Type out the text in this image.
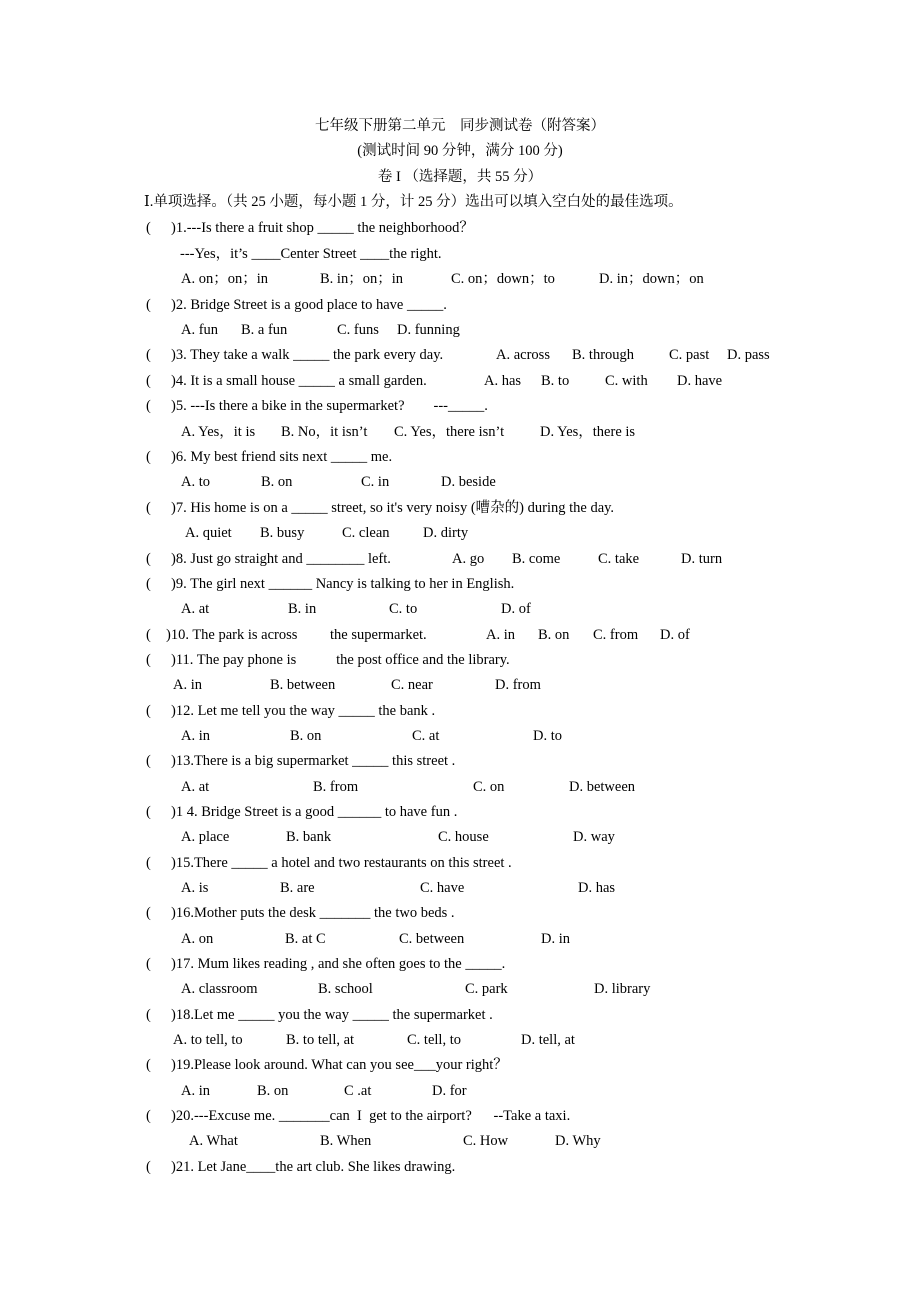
七年级下册第二单元　同步测试卷（附答案）
(测试时间 90 分钟，满分 100 分)
卷 I （选择题，共 55 分）
Ⅰ.单项选择。（共 25 小题，每小题 1 分，计 25 分）选出可以填入空白处的最佳选项。
(
)1.---Is there a fruit shop _____ the neighborhood？
---Yes，it’s ____Center Street ____the right.
A. on；on；in	B. in；on；in	C. on；down；to	D. in；down；on
(
)2. Bridge Street is a good place to have _____.
A. fun B. a fun	C. funs D. funning
(
)3. They take a walk _____ the park every day.	A. across B. through C. past D. pass
(
)4. It is a small house _____ a small garden.	A. has B. to C. with D. have
(
)5. ---Is there a bike in the supermarket?        ---_____.
A. Yes，it is B. No，it isn’t C. Yes，there isn’t D. Yes，there is
(
)6. My best friend sits next _____ me.
A. to	B. on	C. in	D. beside
(
)7. His home is on a _____ street, so it's very noisy (嘈杂的) during the day.
A. quiet B. busy	C. clean D. dirty
(
)8. Just go straight and ________ left.	A. go B. come	C. take	D. turn
(
)9. The girl next ______ Nancy is talking to her in English.
A. at	B. in	C. to	D. of
(
)10. The park is across         the supermarket.	A. in B. on C. from D. of
(
)11. The pay phone is           the post office and the library.
A. in	B. between	C. near	D. from
(
)12. Let me tell you the way _____ the bank .
A. in	B. on	C. at	D. to
(
)13.There is a big supermarket _____ this street .
A. at	B. from	C. on	D. between
(
)1 4. Bridge Street is a good ______ to have fun .
A. place	B. bank	C. house	D. way
(
)15.There _____ a hotel and two restaurants on this street .
A. is	B. are	C. have	D. has
(
)16.Mother puts the desk _______ the two beds .
A. on	B. at C	C. between	D. in
(
)17. Mum likes reading , and she often goes to the _____.
A. classroom	B. school	C. park	D. library
(
)18.Let me _____ you the way _____ the supermarket .
A. to tell, to	B. to tell, at	C. tell, to	D. tell, at
(
)19.Please look around. What can you see___your right？
A. in	B. on	C .at	D. for
(
)20.---Excuse me. _______can  I  get to the airport?      --Take a taxi.
A. What	B. When	C. How	D. Why
(
)21. Let Jane____the art club. She likes drawing.
